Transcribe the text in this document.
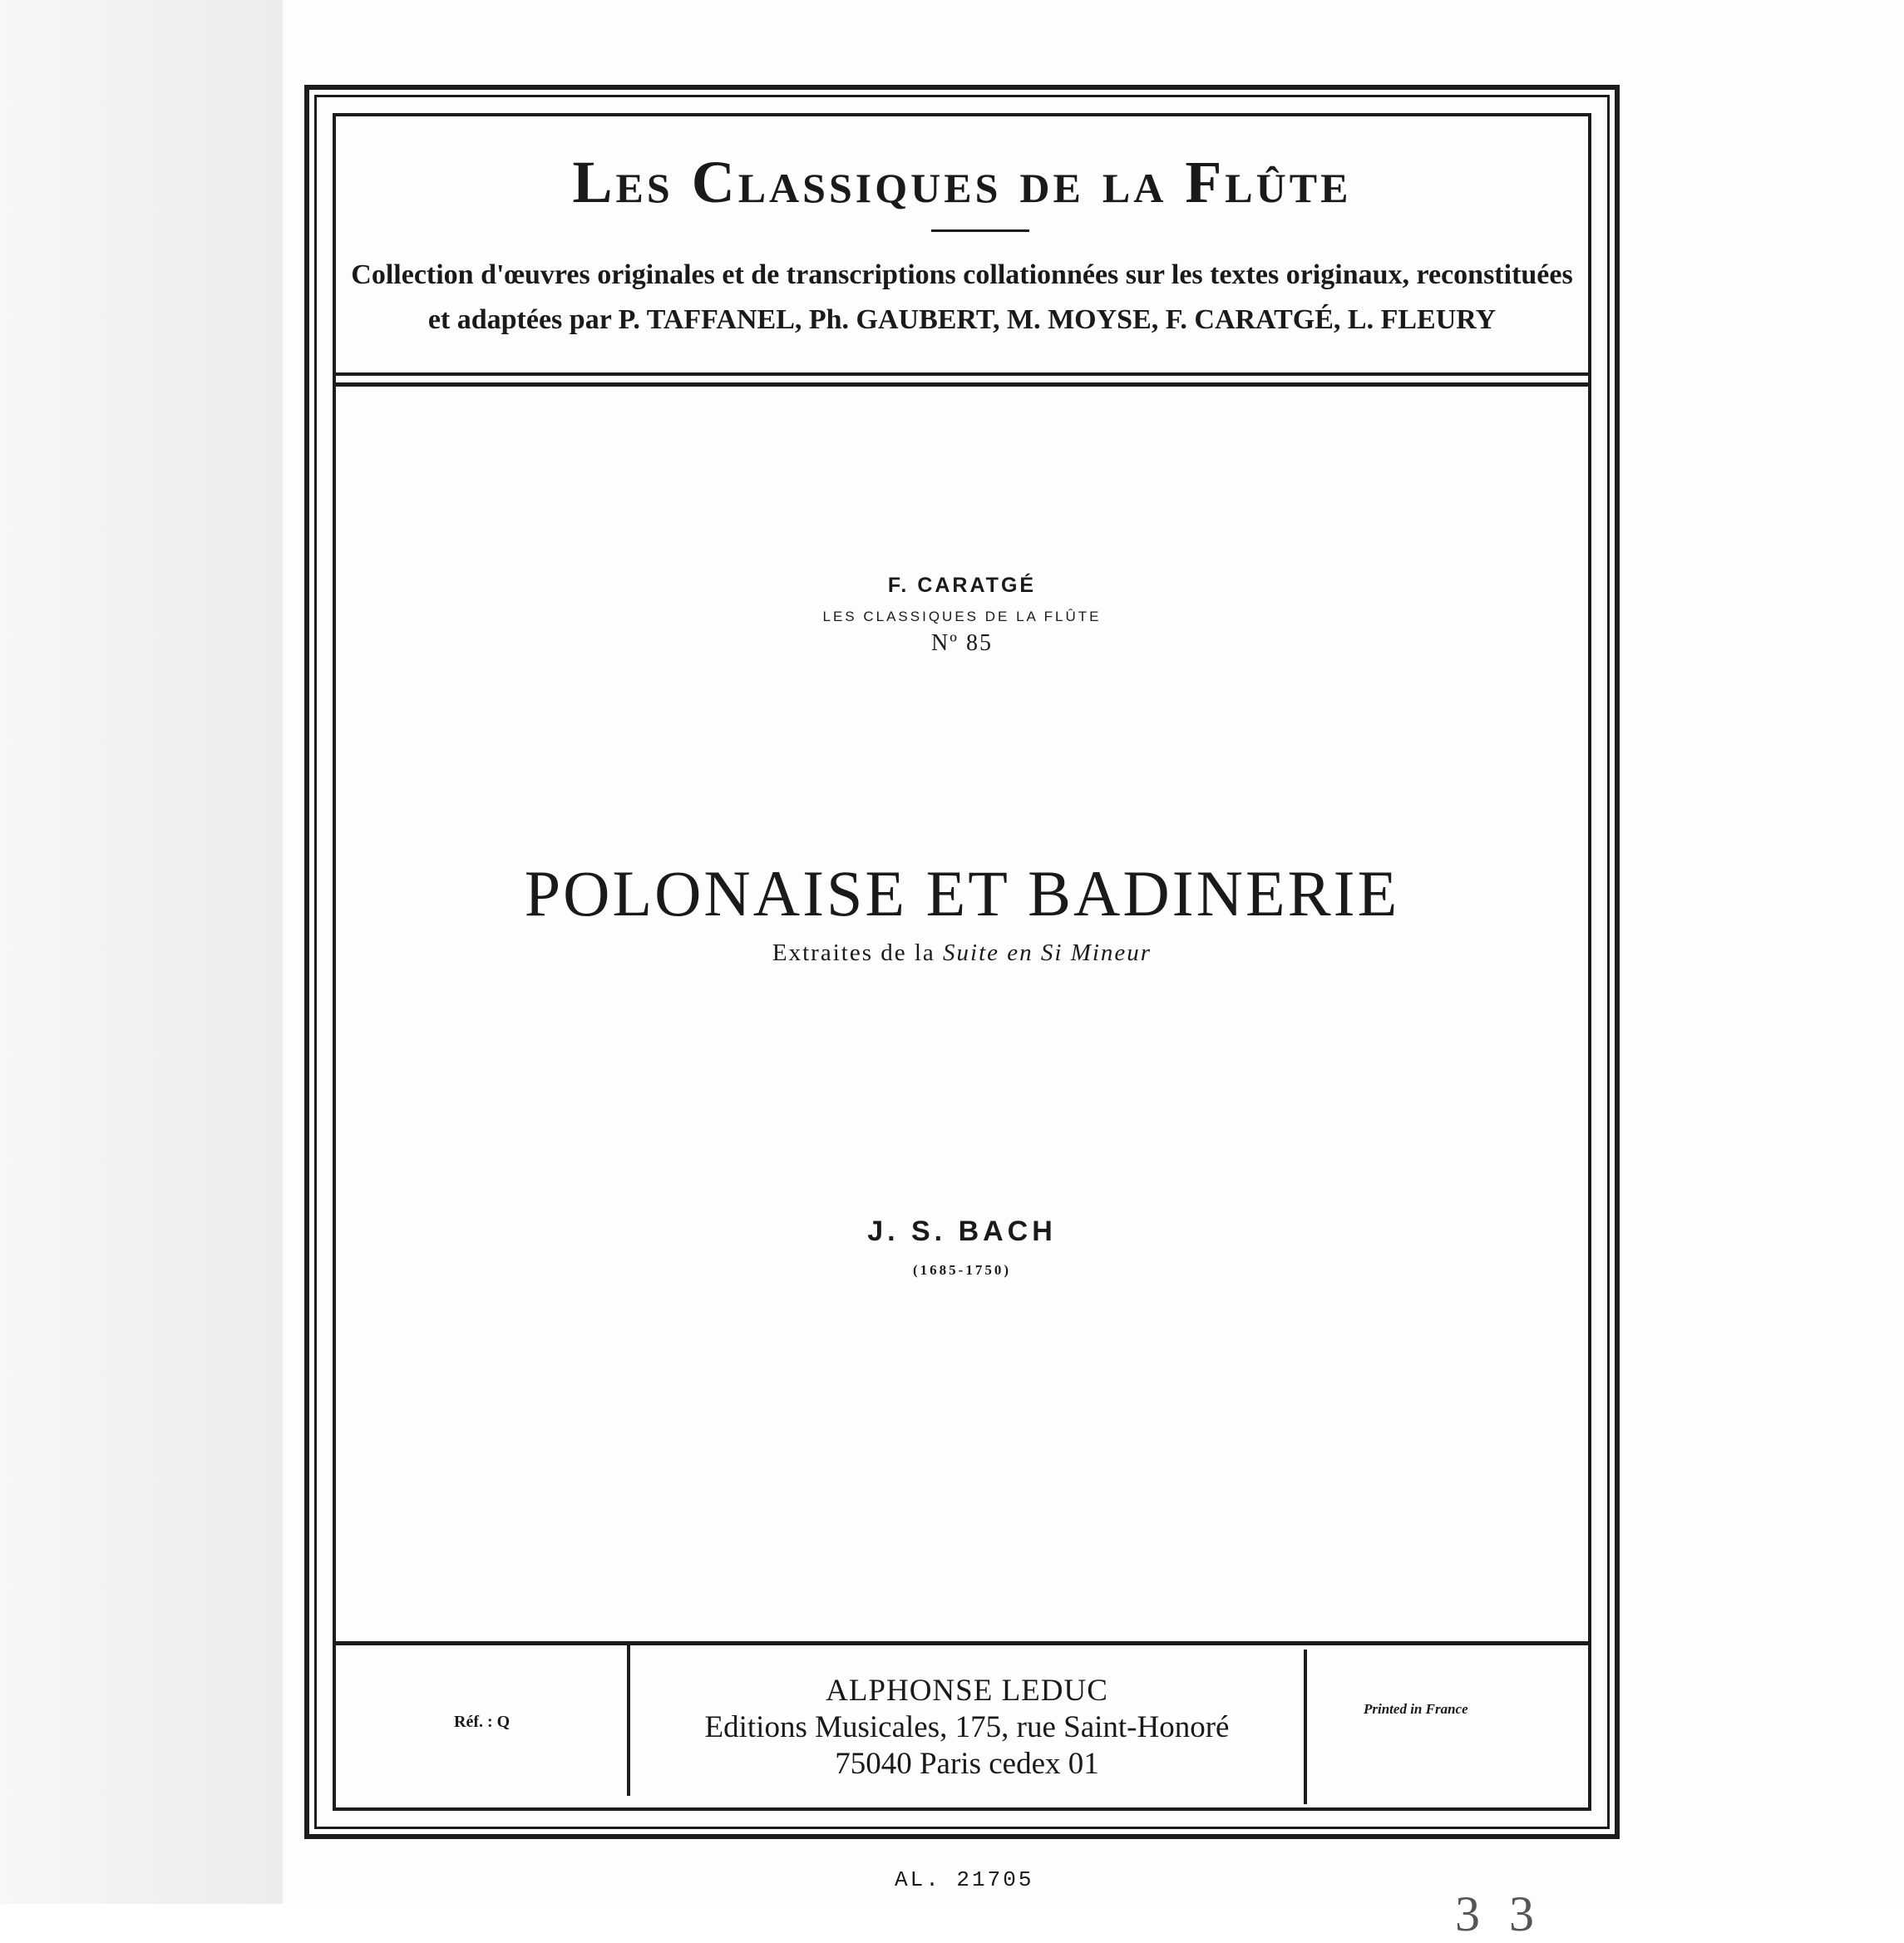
Les Classiques de la Flûte
Collection d'œuvres originales et de transcriptions collationnées sur les textes originaux, reconstituées
et adaptées par P. TAFFANEL, Ph. GAUBERT, M. MOYSE, F. CARATGÉ, L. FLEURY
F. CARATGÉ
LES CLASSIQUES DE LA FLÛTE
Nº 85
POLONAISE ET BADINERIE
Extraites de la Suite en Si Mineur
J. S. BACH
(1685-1750)
Réf. : Q
ALPHONSE LEDUC
Editions Musicales, 175, rue Saint-Honoré
75040 Paris cedex 01
Printed in France
AL. 21705
3 3
